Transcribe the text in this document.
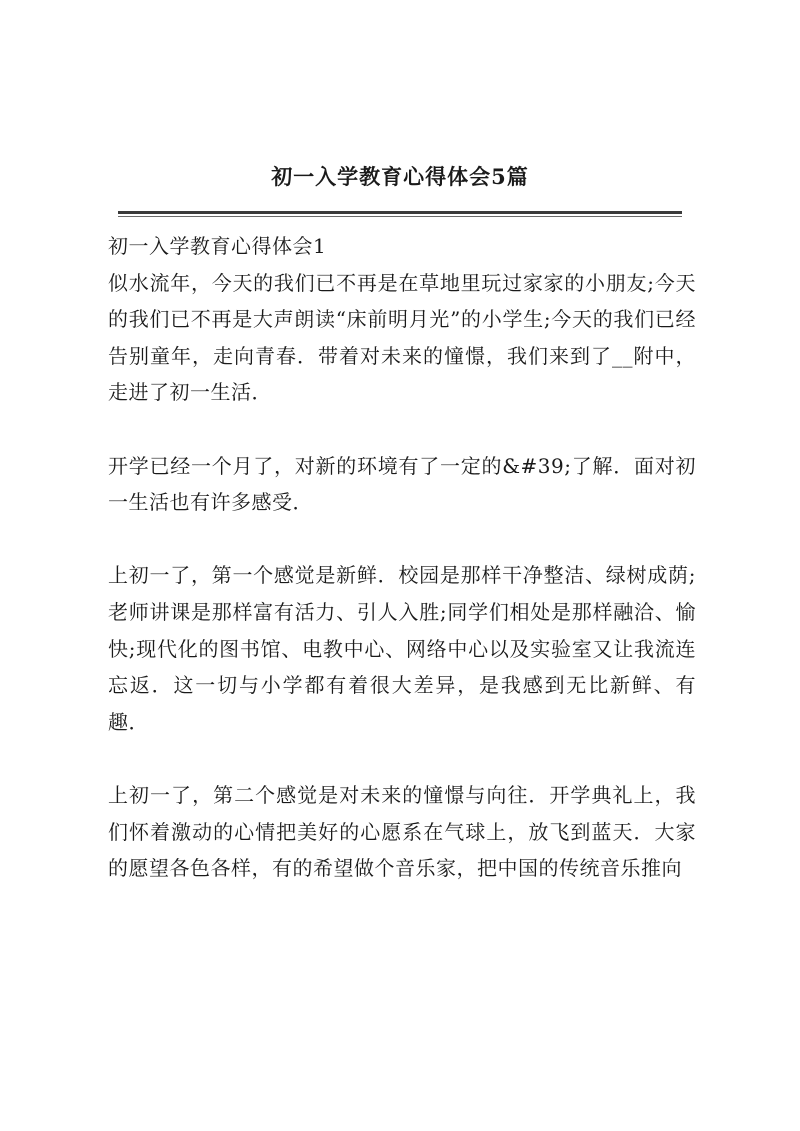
初一入学教育心得体会5篇

初一入学教育心得体会1

似水流年，今天的我们已不再是在草地里玩过家家的小朋友;今天的我们已不再是大声朗读“床前明月光”的小学生;今天的我们已经告别童年，走向青春．带着对未来的憧憬，我们来到了__附中，走进了初一生活．

开学已经一个月了，对新的环境有了一定的&#39;了解．面对初一生活也有许多感受．

上初一了，第一个感觉是新鲜．校园是那样干净整洁、绿树成荫;老师讲课是那样富有活力、引人入胜;同学们相处是那样融洽、愉快;现代化的图书馆、电教中心、网络中心以及实验室又让我流连忘返．这一切与小学都有着很大差异，是我感到无比新鲜、有趣．

上初一了，第二个感觉是对未来的憧憬与向往．开学典礼上，我们怀着激动的心情把美好的心愿系在气球上，放飞到蓝天．大家的愿望各色各样，有的希望做个音乐家，把中国的传统音乐推向
